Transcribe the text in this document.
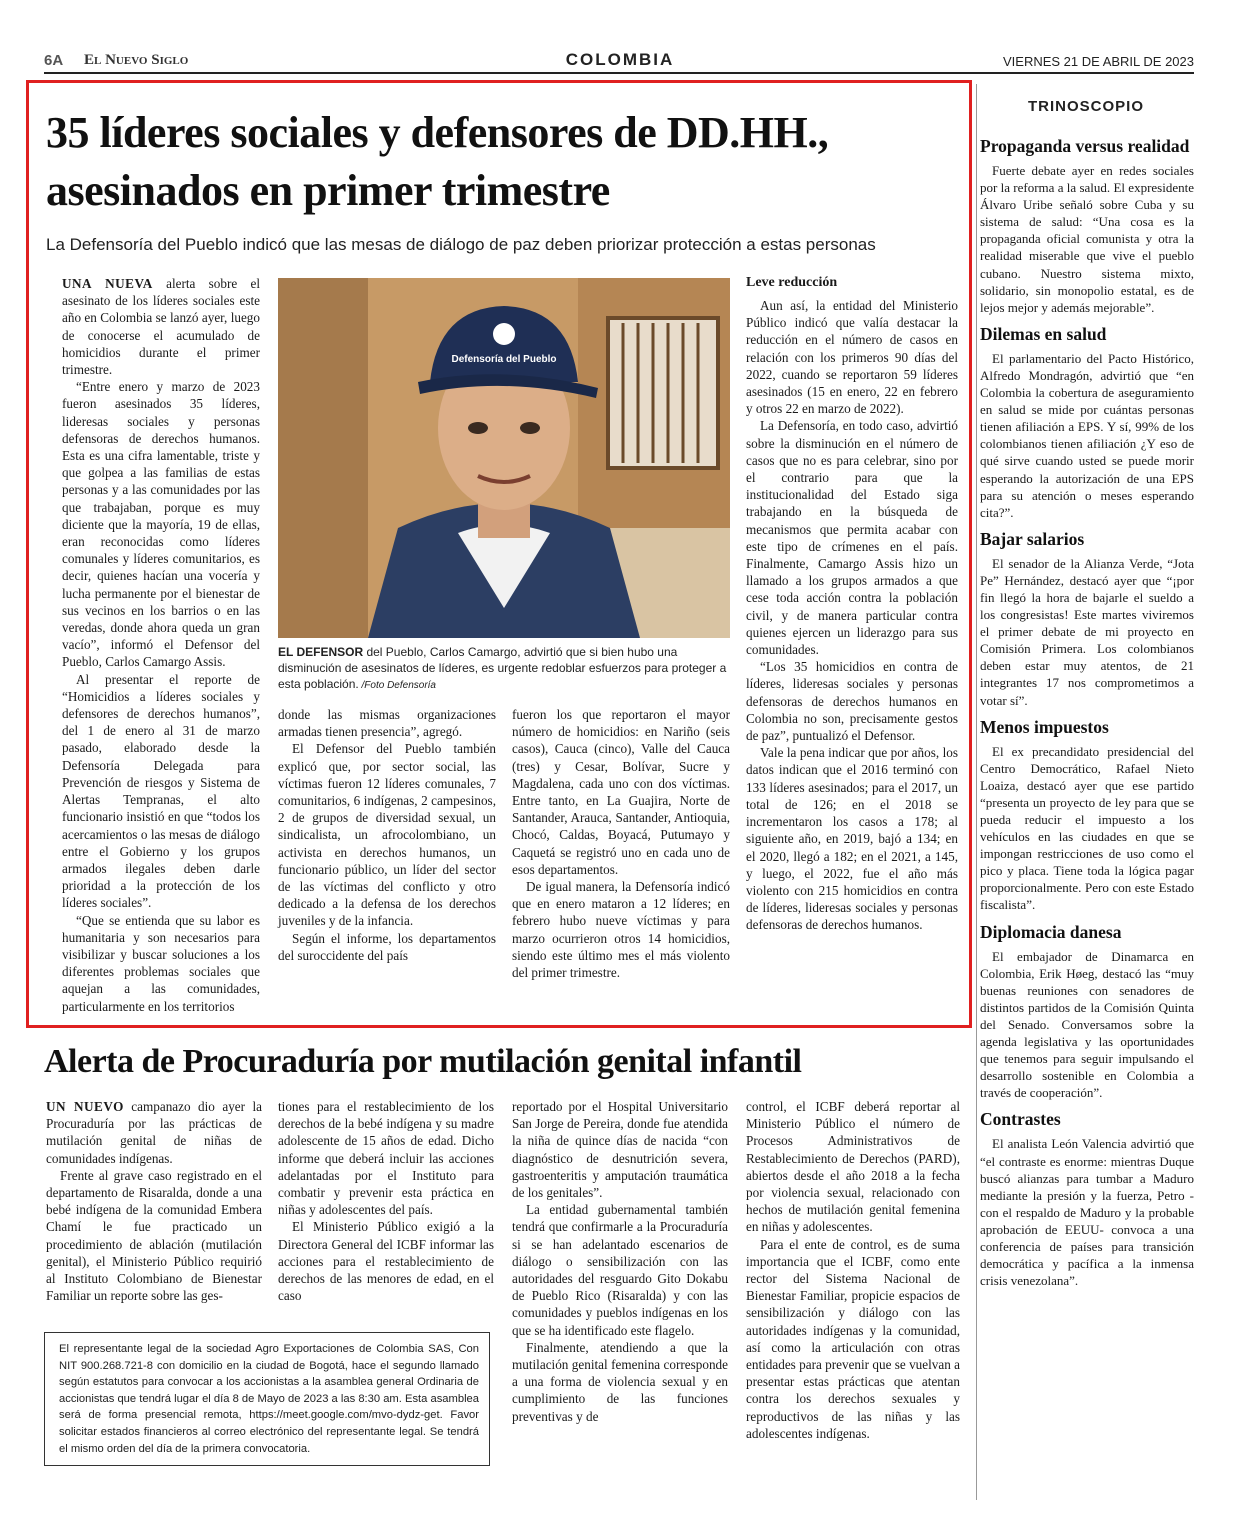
6A El Nuevo Siglo	COLOMBIA	VIERNES 21 DE ABRIL DE 2023
35 líderes sociales y defensores de DD.HH., asesinados en primer trimestre
La Defensoría del Pueblo indicó que las mesas de diálogo de paz deben priorizar protección a estas personas

UNA NUEVA alerta sobre el asesinato de los líderes sociales este año en Colombia se lanzó ayer, luego de conocerse el acumulado de homicidios durante el primer trimestre.

“Entre enero y marzo de 2023 fueron asesinados 35 líderes, lideresas sociales y personas defensoras de derechos humanos. Esta es una cifra lamentable, triste y que golpea a las familias de estas personas y a las comunidades por las que trabajaban, porque es muy diciente que la mayoría, 19 de ellas, eran reconocidas como líderes comunales y líderes comunitarios, es decir, quienes hacían una vocería y lucha permanente por el bienestar de sus vecinos en los barrios o en las veredas, donde ahora queda un gran vacío”, informó el Defensor del Pueblo, Carlos Camargo Assis.

Al presentar el reporte de “Homicidios a líderes sociales y defensores de derechos humanos”, del 1 de enero al 31 de marzo pasado, elaborado desde la Defensoría Delegada para Prevención de riesgos y Sistema de Alertas Tempranas, el alto funcionario insistió en que “todos los acercamientos o las mesas de diálogo entre el Gobierno y los grupos armados ilegales deben darle prioridad a la protección de los líderes sociales”.

“Que se entienda que su labor es humanitaria y son necesarios para visibilizar y buscar soluciones a los diferentes problemas sociales que aquejan a las comunidades, particularmente en los territorios

Defensoría del Pueblo
EL DEFENSOR del Pueblo, Carlos Camargo, advirtió que si bien hubo una disminución de asesinatos de líderes, es urgente redoblar esfuerzos para proteger a esta población. /Foto Defensoría

donde las mismas organizaciones armadas tienen presencia”, agregó.

El Defensor del Pueblo también explicó que, por sector social, las víctimas fueron 12 líderes comunales, 7 comunitarios, 6 indígenas, 2 campesinos, 2 de grupos de diversidad sexual, un sindicalista, un afrocolombiano, un activista en derechos humanos, un funcionario público, un líder del sector de las víctimas del conflicto y otro dedicado a la defensa de los derechos juveniles y de la infancia.

Según el informe, los departamentos del suroccidente del país

fueron los que reportaron el mayor número de homicidios: en Nariño (seis casos), Cauca (cinco), Valle del Cauca (tres) y Cesar, Bolívar, Sucre y Magdalena, cada uno con dos víctimas. Entre tanto, en La Guajira, Norte de Santander, Arauca, Santander, Antioquia, Chocó, Caldas, Boyacá, Putumayo y Caquetá se registró uno en cada uno de esos departamentos.

De igual manera, la Defensoría indicó que en enero mataron a 12 líderes; en febrero hubo nueve víctimas y para marzo ocurrieron otros 14 homicidios, siendo este último mes el más violento del primer trimestre.

Leve reducción

Aun así, la entidad del Ministerio Público indicó que valía destacar la reducción en el número de casos en relación con los primeros 90 días del 2022, cuando se reportaron 59 líderes asesinados (15 en enero, 22 en febrero y otros 22 en marzo de 2022).

La Defensoría, en todo caso, advirtió sobre la disminución en el número de casos que no es para celebrar, sino por el contrario para que la institucionalidad del Estado siga trabajando en la búsqueda de mecanismos que permita acabar con este tipo de crímenes en el país. Finalmente, Camargo Assis hizo un llamado a los grupos armados a que cese toda acción contra la población civil, y de manera particular contra quienes ejercen un liderazgo para sus comunidades.

“Los 35 homicidios en contra de líderes, lideresas sociales y personas defensoras de derechos humanos en Colombia no son, precisamente gestos de paz”, puntualizó el Defensor.

Vale la pena indicar que por años, los datos indican que el 2016 terminó con 133 líderes asesinados; para el 2017, un total de 126; en el 2018 se incrementaron los casos a 178; al siguiente año, en 2019, bajó a 134; en el 2020, llegó a 182; en el 2021, a 145, y luego, el 2022, fue el año más violento con 215 homicidios en contra de líderes, lideresas sociales y personas defensoras de derechos humanos.

TRINOSCOPIO
Propaganda versus realidad

Fuerte debate ayer en redes sociales por la reforma a la salud. El expresidente Álvaro Uribe señaló sobre Cuba y su sistema de salud: “Una cosa es la propaganda oficial comunista y otra la realidad miserable que vive el pueblo cubano. Nuestro sistema mixto, solidario, sin monopolio estatal, es de lejos mejor y además mejorable”.

Dilemas en salud

El parlamentario del Pacto Histórico, Alfredo Mondragón, advirtió que “en Colombia la cobertura de aseguramiento en salud se mide por cuántas personas tienen afiliación a EPS. Y sí, 99% de los colombianos tienen afiliación ¿Y eso de qué sirve cuando usted se puede morir esperando la autorización de una EPS para su atención o meses esperando cita?”.

Bajar salarios

El senador de la Alianza Verde, “Jota Pe” Hernández, destacó ayer que “¡por fin llegó la hora de bajarle el sueldo a los congresistas! Este martes viviremos el primer debate de mi proyecto en Comisión Primera. Los colombianos deben estar muy atentos, de 21 integrantes 17 nos comprometimos a votar sí”.

Menos impuestos

El ex precandidato presidencial del Centro Democrático, Rafael Nieto Loaiza, destacó ayer que ese partido “presenta un proyecto de ley para que se pueda reducir el impuesto a los vehículos en las ciudades en que se impongan restricciones de uso como el pico y placa. Tiene toda la lógica pagar proporcionalmente. Pero con este Estado fiscalista”.

Diplomacia danesa

El embajador de Dinamarca en Colombia, Erik Høeg, destacó las “muy buenas reuniones con senadores de distintos partidos de la Comisión Quinta del Senado. Conversamos sobre la agenda legislativa y las oportunidades que tenemos para seguir impulsando el desarrollo sostenible en Colombia a través de cooperación”.

Contrastes

El analista León Valencia advirtió que “el contraste es enorme: mientras Duque buscó alianzas para tumbar a Maduro mediante la presión y la fuerza, Petro -con el respaldo de Maduro y la probable aprobación de EEUU- convoca a una conferencia de países para transición democrática y pacífica a la inmensa crisis venezolana”.

Alerta de Procuraduría por mutilación genital infantil

UN NUEVO campanazo dio ayer la Procuraduría por las prácticas de mutilación genital de niñas de comunidades indígenas.

Frente al grave caso registrado en el departamento de Risaralda, donde a una bebé indígena de la comunidad Embera Chamí le fue practicado un procedimiento de ablación (mutilación genital), el Ministerio Público requirió al Instituto Colombiano de Bienestar Familiar un reporte sobre las ges-

tiones para el restablecimiento de los derechos de la bebé indígena y su madre adolescente de 15 años de edad. Dicho informe que deberá incluir las acciones adelantadas por el Instituto para combatir y prevenir esta práctica en niñas y adolescentes del país.

El Ministerio Público exigió a la Directora General del ICBF informar las acciones para el restablecimiento de derechos de las menores de edad, en el caso

reportado por el Hospital Universitario San Jorge de Pereira, donde fue atendida la niña de quince días de nacida “con diagnóstico de desnutrición severa, gastroenteritis y amputación traumática de los genitales”.

La entidad gubernamental también tendrá que confirmarle a la Procuraduría si se han adelantado escenarios de diálogo o sensibilización con las autoridades del resguardo Gito Dokabu de Pueblo Rico (Risaralda) y con las comunidades y pueblos indígenas en los que se ha identificado este flagelo.

Finalmente, atendiendo a que la mutilación genital femenina corresponde a una forma de violencia sexual y en cumplimiento de las funciones preventivas y de

control, el ICBF deberá reportar al Ministerio Público el número de Procesos Administrativos de Restablecimiento de Derechos (PARD), abiertos desde el año 2018 a la fecha por violencia sexual, relacionado con hechos de mutilación genital femenina en niñas y adolescentes.

Para el ente de control, es de suma importancia que el ICBF, como ente rector del Sistema Nacional de Bienestar Familiar, propicie espacios de sensibilización y diálogo con las autoridades indígenas y la comunidad, así como la articulación con otras entidades para prevenir que se vuelvan a presentar estas prácticas que atentan contra los derechos sexuales y reproductivos de las niñas y las adolescentes indígenas.

El representante legal de la sociedad Agro Exportaciones de Colombia SAS, Con NIT 900.268.721-8 con domicilio en la ciudad de Bogotá, hace el segundo llamado según estatutos para convocar a los accionistas a la asamblea general Ordinaria de accionistas que tendrá lugar el día 8 de Mayo de 2023 a las 8:30 am. Esta asamblea será de forma presencial remota, https://meet.google.com/mvo-dydz-get. Favor solicitar estados financieros al correo electrónico del representante legal. Se tendrá el mismo orden del día de la primera convocatoria.
